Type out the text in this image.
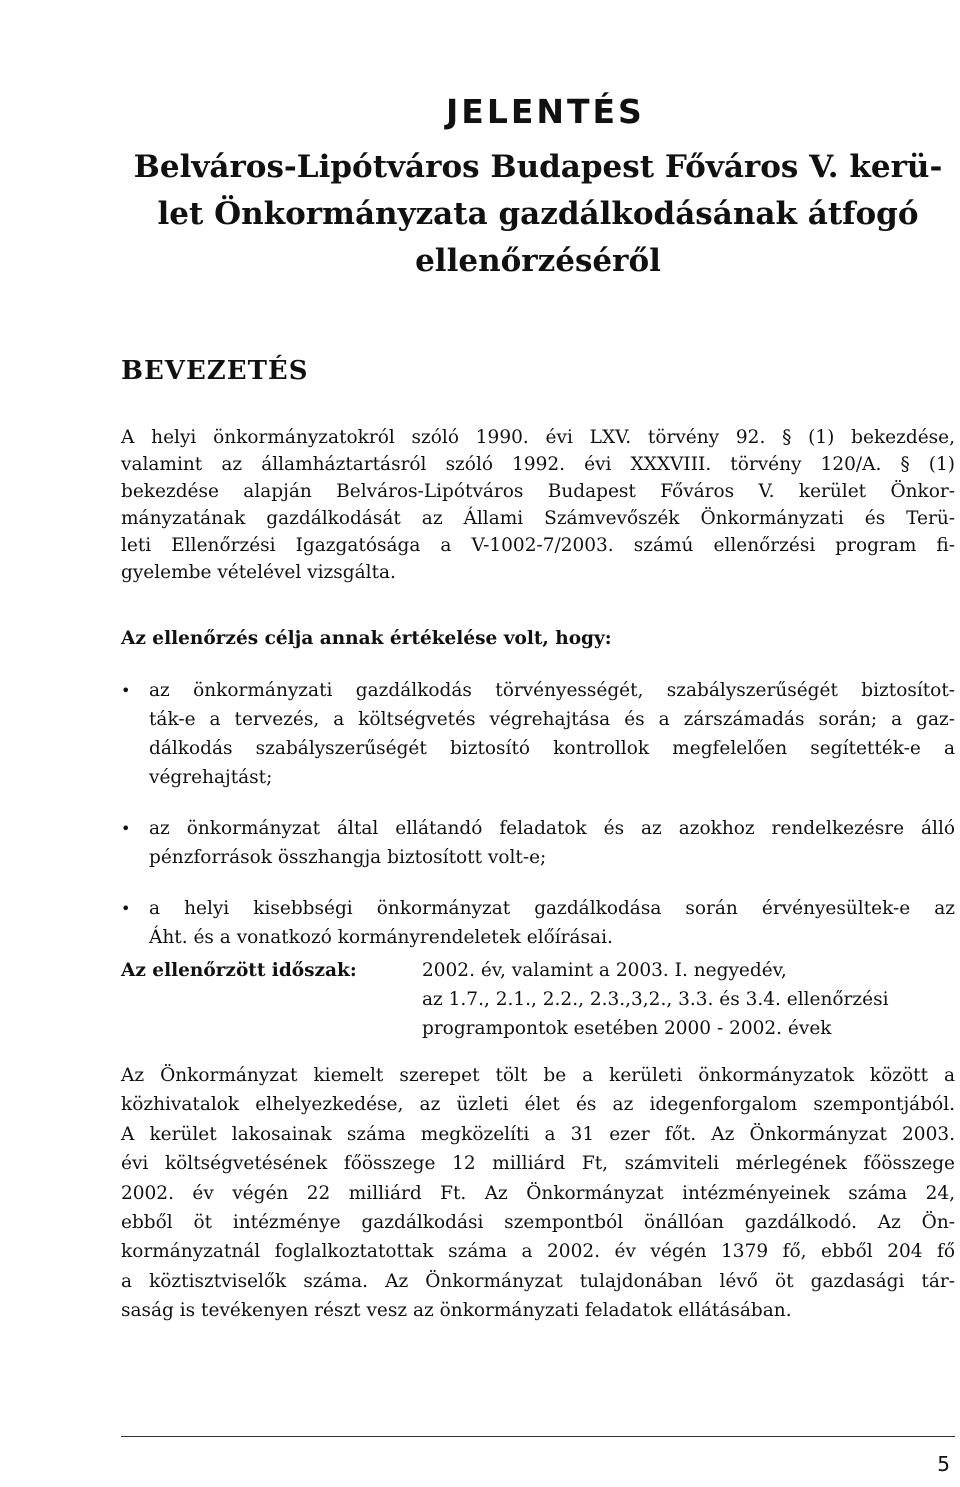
JELENTÉS
Belváros-Lipótváros Budapest Főváros V. kerü-
let Önkormányzata gazdálkodásának átfogó
ellenőrzéséről
BEVEZETÉS

A helyi önkormányzatokról szóló 1990. évi LXV. törvény 92. § (1) bekezdése,
valamint az államháztartásról szóló 1992. évi XXXVIII. törvény 120/A. § (1)
bekezdése alapján Belváros-Lipótváros Budapest Főváros V. kerület Önkor-
mányzatának gazdálkodását az Állami Számvevőszék Önkormányzati és Terü-
leti Ellenőrzési Igazgatósága a V-1002-7/2003. számú ellenőrzési program fi-
gyelembe vételével vizsgálta.

Az ellenőrzés célja annak értékelése volt, hogy:

• az önkormányzati gazdálkodás törvényességét, szabályszerűségét biztosítot-
ták-e a tervezés, a költségvetés végrehajtása és a zárszámadás során; a gaz-
dálkodás szabályszerűségét biztosító kontrollok megfelelően segítették-e a
végrehajtást;
• az önkormányzat által ellátandó feladatok és az azokhoz rendelkezésre álló
pénzforrások összhangja biztosított volt-e;
• a helyi kisebbségi önkormányzat gazdálkodása során érvényesültek-e az
Áht. és a vonatkozó kormányrendeletek előírásai.
Az ellenőrzött időszak:	2002. év, valamint a 2003. I. negyedév,
az 1.7., 2.1., 2.2., 2.3.,3,2., 3.3. és 3.4. ellenőrzési
programpontok esetében 2000 - 2002. évek

Az Önkormányzat kiemelt szerepet tölt be a kerületi önkormányzatok között a
közhivatalok elhelyezkedése, az üzleti élet és az idegenforgalom szempontjából.
A kerület lakosainak száma megközelíti a 31 ezer főt. Az Önkormányzat 2003.
évi költségvetésének főösszege 12 milliárd Ft, számviteli mérlegének főösszege
2002. év végén 22 milliárd Ft. Az Önkormányzat intézményeinek száma 24,
ebből öt intézménye gazdálkodási szempontból önállóan gazdálkodó. Az Ön-
kormányzatnál foglalkoztatottak száma a 2002. év végén 1379 fő, ebből 204 fő
a köztisztviselők száma. Az Önkormányzat tulajdonában lévő öt gazdasági tár-
saság is tevékenyen részt vesz az önkormányzati feladatok ellátásában.

5
